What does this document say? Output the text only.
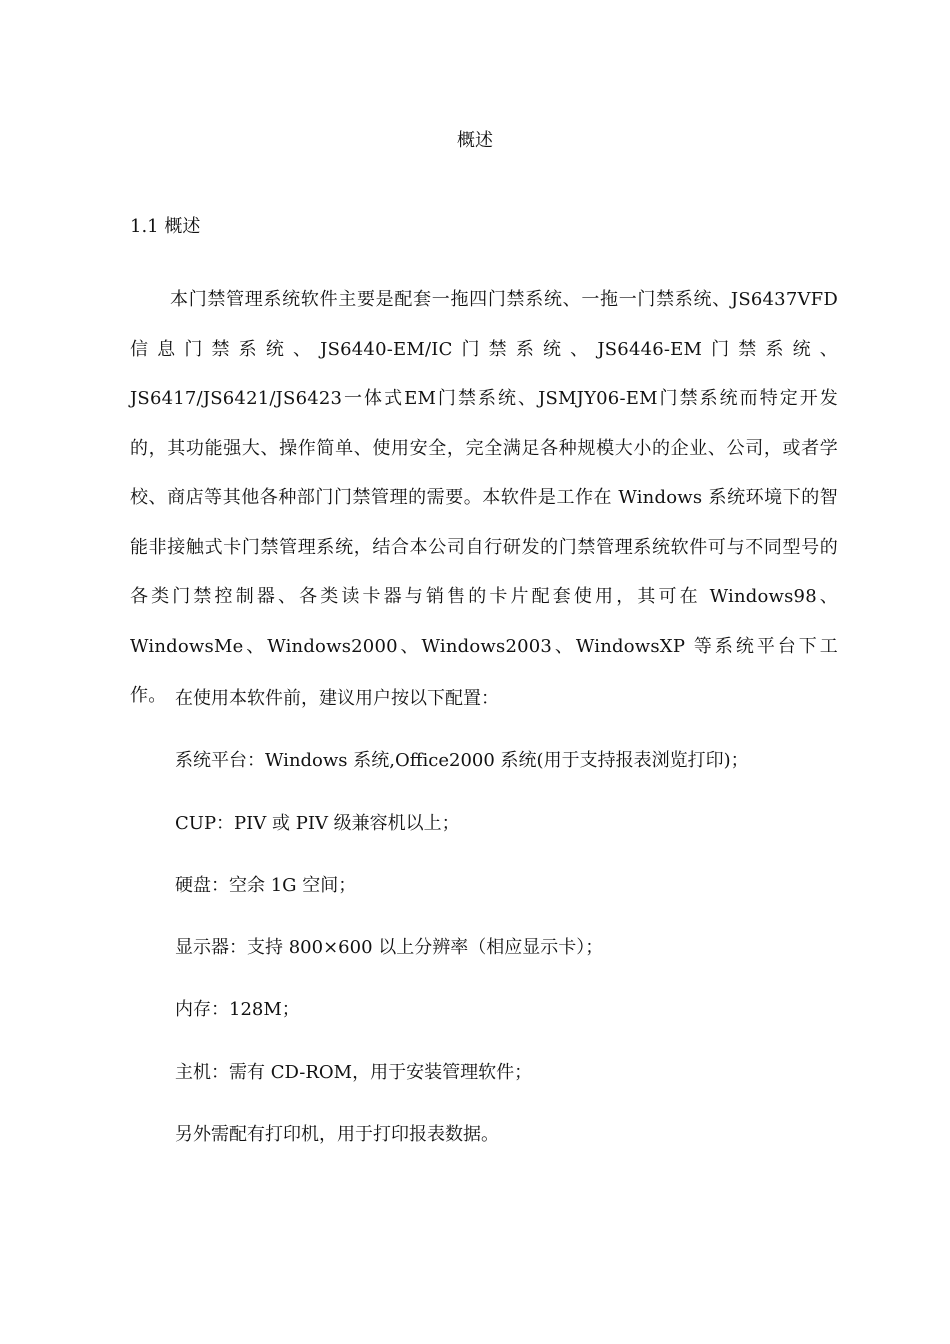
概述
1.1 概述

本门禁管理系统软件主要是配套一拖四门禁系统、一拖一门禁系统、JS6437VFD信息门禁系统、JS6440-EM/IC门禁系统、JS6446-EM门禁系统、JS6417/JS6421/JS6423一体式EM门禁系统、JSMJY06-EM门禁系统而特定开发的，其功能强大、操作简单、使用安全，完全满足各种规模大小的企业、公司，或者学校、商店等其他各种部门门禁管理的需要。本软件是工作在 Windows 系统环境下的智能非接触式卡门禁管理系统，结合本公司自行研发的门禁管理系统软件可与不同型号的各类门禁控制器、各类读卡器与销售的卡片配套使用，其可在 Windows98、WindowsMe、Windows2000、Windows2003、WindowsXP 等系统平台下工作。 在使用本软件前，建议用户按以下配置：
系统平台：Windows 系统,Office2000 系统(用于支持报表浏览打印)；
CUP：PIV 或 PIV 级兼容机以上；
硬盘：空余 1G 空间；
显示器：支持 800×600 以上分辨率（相应显示卡）；
内存：128M；
主机：需有 CD-ROM，用于安装管理软件；
另外需配有打印机，用于打印报表数据。
